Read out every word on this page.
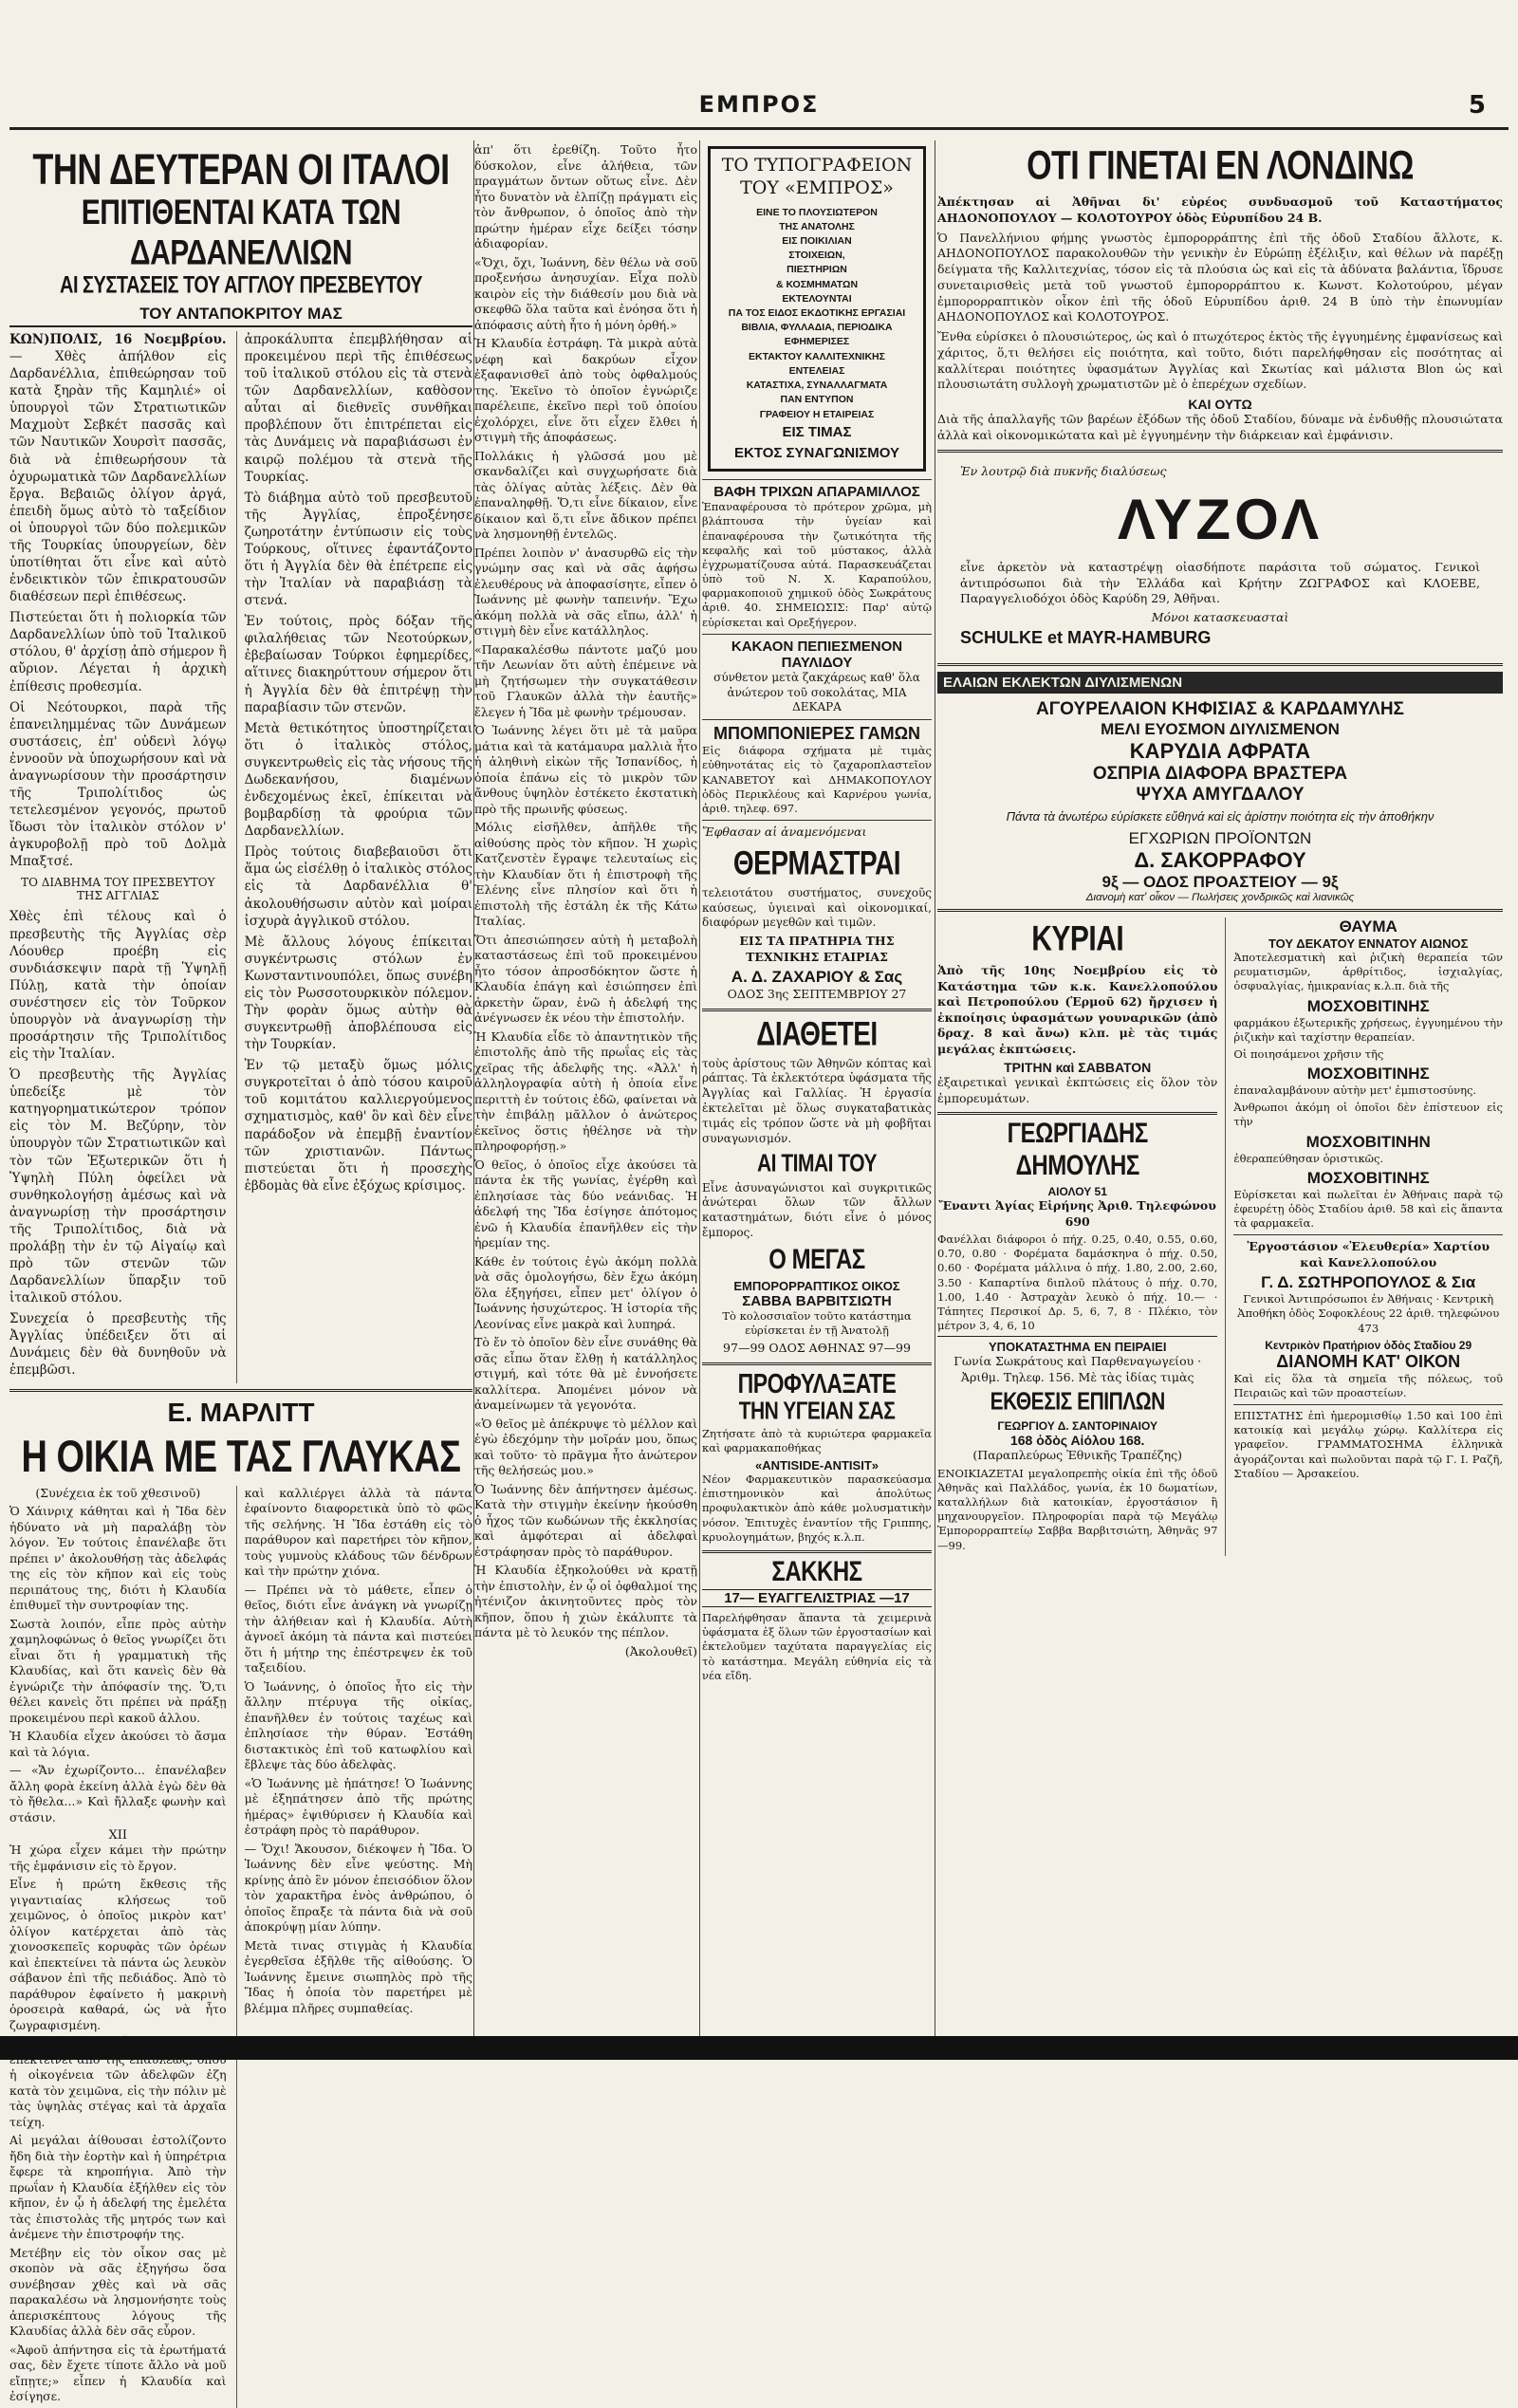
ΕΜΠΡΟΣ	5
ΤΗΝ ΔΕΥΤΕΡΑΝ ΟΙ ΙΤΑΛΟΙ
ΕΠΙΤΙΘΕΝΤΑΙ ΚΑΤΑ ΤΩΝ ΔΑΡΔΑΝΕΛΛΙΩΝ
ΑΙ ΣΥΣΤΑΣΕΙΣ ΤΟΥ ΑΓΓΛΟΥ ΠΡΕΣΒΕΥΤΟΥ
ΤΟΥ ΑΝΤΑΠΟΚΡΙΤΟΥ ΜΑΣ

ΚΩΝ)ΠΟΛΙΣ, 16 Νοεμβρίου. — Χθὲς ἀπήλθον εἰς Δαρδανέλλια, ἐπιθεώρησαν τοῦ κατὰ ξηρὰν τῆς Καμηλιέ» οἱ ὑπουργοὶ τῶν Στρατιωτικῶν Μαχμοὺτ Σεβκέτ πασσᾶς καὶ τῶν Ναυτικῶν Χουρσὶτ πασσᾶς, διὰ νὰ ἐπιθεωρήσουν τὰ ὀχυρωματικὰ τῶν Δαρδανελλίων ἔργα. Βεβαιῶς ὀλίγον ἀργά, ἐπειδὴ ὅμως αὐτὸ τὸ ταξείδιον οἱ ὑπουργοὶ τῶν δύο πολεμικῶν τῆς Τουρκίας ὑπουργείων, δὲν ὑποτίθηται ὅτι εἶνε καὶ αὐτὸ ἐνδεικτικὸν τῶν ἐπικρατουσῶν διαθέσεων περὶ ἐπιθέσεως.

Πιστεύεται ὅτι ἡ πολιορκία τῶν Δαρδανελλίων ὑπὸ τοῦ Ἰταλικοῦ στόλου, θ' ἀρχίσῃ ἀπὸ σήμερον ἢ αὔριον. Λέγεται ἡ ἀρχικὴ ἐπίθεσις προθεσμία.

Οἱ Νεότουρκοι, παρὰ τῆς ἐπανειλημμένας τῶν Δυνάμεων συστάσεις, ἐπ' οὐδενὶ λόγῳ ἐννοοῦν νὰ ὑποχωρήσουν καὶ νὰ ἀναγνωρίσουν τὴν προσάρτησιν τῆς Τριπολίτιδος ὡς τετελεσμένον γεγονός, πρωτοῦ ἴδωσι τὸν ἰταλικὸν στόλον ν' ἀγκυροβολῇ πρὸ τοῦ Δολμὰ Μπαξτσέ.

ΤΟ ΔΙΑΒΗΜΑ ΤΟΥ ΠΡΕΣΒΕΥΤΟΥ ΤΗΣ ΑΓΓΛΙΑΣ

Χθὲς ἐπὶ τέλους καὶ ὁ πρεσβευτὴς τῆς Ἀγγλίας σὲρ Λόουθερ προέβη εἰς συνδιάσκεψιν παρὰ τῇ Ὑψηλῇ Πύλῃ, κατὰ τὴν ὁποίαν συνέστησεν εἰς τὸν Τοῦρκον ὑπουργὸν νὰ ἀναγνωρίσῃ τὴν προσάρτησιν τῆς Τριπολίτιδος εἰς τὴν Ἰταλίαν.

Ὁ πρεσβευτὴς τῆς Ἀγγλίας ὑπεδείξε μὲ τὸν κατηγορηματικώτερον τρόπον εἰς τὸν Μ. Βεζύρην, τὸν ὑπουργὸν τῶν Στρατιωτικῶν καὶ τὸν τῶν Ἐξωτερικῶν ὅτι ἡ Ὑψηλὴ Πύλη ὀφείλει νὰ συνθηκολογήσῃ ἀμέσως καὶ νὰ ἀναγνωρίσῃ τὴν προσάρτησιν τῆς Τριπολίτιδος, διὰ νὰ προλάβῃ τὴν ἐν τῷ Αἰγαίῳ καὶ πρὸ τῶν στενῶν τῶν Δαρδανελλίων ὕπαρξιν τοῦ ἰταλικοῦ στόλου.

Συνεχεία ὁ πρεσβευτὴς τῆς Ἀγγλίας ὑπέδειξεν ὅτι αἱ Δυνάμεις δὲν θὰ δυνηθοῦν νὰ ἐπεμβῶσι.

ἀπροκάλυπτα ἐπεμβλήθησαν αἱ προκειμένου περὶ τῆς ἐπιθέσεως τοῦ ἰταλικοῦ στόλου εἰς τὰ στενὰ τῶν Δαρδανελλίων, καθὸσον αὗται αἱ διεθνεῖς συνθῆκαι προβλέπουν ὅτι ἐπιτρέπεται εἰς τὰς Δυνάμεις νὰ παραβιάσωσι ἐν καιρῷ πολέμου τὰ στενὰ τῆς Τουρκίας.

Τὸ διάβημα αὐτὸ τοῦ πρεσβευτοῦ τῆς Ἀγγλίας, ἐπροξένησε ζωηροτάτην ἐντύπωσιν εἰς τοὺς Τούρκους, οἵτινες ἐφαντάζοντο ὅτι ἡ Ἀγγλία δὲν θὰ ἐπέτρεπε εἰς τὴν Ἰταλίαν νὰ παραβιάσῃ τὰ στενά.

Ἐν τούτοις, πρὸς δόξαν τῆς φιλαλήθειας τῶν Νεοτούρκων, ἐβεβαίωσαν Τούρκοι ἐφημερίδες, αἵτινες διακηρύττουν σήμερον ὅτι ἡ Ἀγγλία δὲν θὰ ἐπιτρέψῃ τὴν παραβίασιν τῶν στενῶν.

Μετὰ θετικότητος ὑποστηρίζεται ὅτι ὁ ἰταλικὸς στόλος, συγκεντρωθεὶς εἰς τὰς νήσους τῆς Δωδεκανήσου, διαμένων ἐνδεχομένως ἐκεῖ, ἐπίκειται νὰ βομβαρδίσῃ τὰ φρούρια τῶν Δαρδανελλίων.

Πρὸς τούτοις διαβεβαιοῦσι ὅτι ἅμα ὡς εἰσέλθῃ ὁ ἰταλικὸς στόλος εἰς τὰ Δαρδανέλλια θ' ἀκολουθήσωσιν αὐτὸν καὶ μοίραι ἰσχυρὰ ἀγγλικοῦ στόλου.

Μὲ ἄλλους λόγους ἐπίκειται συγκέντρωσις στόλων ἐν Κωνσταντινουπόλει, ὅπως συνέβη εἰς τὸν Ρωσσοτουρκικὸν πόλεμον. Τὴν φορὰν ὅμως αὐτὴν θὰ συγκεντρωθῇ ἀποβλέπουσα εἰς τὴν Τουρκίαν.

Ἐν τῷ μεταξὺ ὅμως μόλις συγκροτεῖται ὁ ἀπὸ τόσου καιροῦ τοῦ κομιτάτου καλλιεργούμενος σχηματισμὸς, καθ' ὃν καὶ δὲν εἶνε παράδοξον νὰ ἐπεμβῇ ἐναντίον τῶν χριστιανῶν. Πάντως πιστεύεται ὅτι ἡ προσεχὴς ἑβδομὰς θὰ εἶνε ἐξόχως κρίσιμος.

Ε. ΜΑΡΛΙΤΤ
Η ΟΙΚΙΑ ΜΕ ΤΑΣ ΓΛΑΥΚΑΣ
(Συνέχεια ἐκ τοῦ χθεσινοῦ)

Ὁ Χάινριχ κάθηται καὶ ἡ Ἴδα δὲν ἠδύνατο νὰ μὴ παραλάβῃ τὸν λόγον. Ἐν τούτοις ἐπανέλαβε ὅτι πρέπει ν' ἀκολουθήσῃ τὰς ἀδελφάς της εἰς τὸν κῆπον καὶ εἰς τοὺς περιπάτους της, διότι ἡ Κλαυδία ἐπιθυμεῖ τὴν συντροφίαν της.

Σωστὰ λοιπόν, εἶπε πρὸς αὐτὴν χαμηλοφώνως ὁ θεῖος γνωρίζει ὅτι εἶναι ὅτι ἡ γραμματικὴ τῆς Κλαυδίας, καὶ ὅτι κανεὶς δὲν θὰ ἐγνώριζε τὴν ἀπόφασίν της. Ὅ,τι θέλει κανεὶς ὅτι πρέπει νὰ πράξῃ προκειμένου περὶ κακοῦ ἀλλου.

Ἡ Κλαυδία εἶχεν ἀκούσει τὸ ἄσμα καὶ τὰ λόγια.

— «Ἄν ἐχωρίζοντο... ἐπανέλαβεν ἄλλη φορὰ ἐκείνη ἀλλὰ ἐγὼ δὲν θὰ τὸ ἤθελα...» Καὶ ἤλλαξε φωνὴν καὶ στάσιν.

XII

Ἡ χώρα εἶχεν κάμει τὴν πρώτην τῆς ἐμφάνισιν εἰς τὸ ἔργον.

Εἶνε ἡ πρώτη ἔκθεσις τῆς γιγαντιαίας κλήσεως τοῦ χειμῶνος, ὁ ὁποῖος μικρὸν κατ' ὀλίγον κατέρχεται ἀπὸ τὰς χιονοσκεπεῖς κορυφὰς τῶν ὀρέων καὶ ἐπεκτείνει τὰ πάντα ὡς λευκὸν σάβανον ἐπὶ τῆς πεδιάδος. Ἀπὸ τὸ παράθυρον ἐφαίνετο ἡ μακρινὴ ὀροσειρὰ καθαρά, ὡς νὰ ἦτο ζωγραφισμένη.

ἡ οἰκογένεια τῶν ἀδελφῶν ἐζη κατὰ τὸν χειμῶνα, εἰς τὴν πόλιν μὲ τὰς ὑψηλὰς στέγας καὶ τὰ ἀρχαῖα τείχη.

Αἱ μεγάλαι ἀίθουσαι ἐστολίζοντο ἤδη διὰ τὴν ἑορτὴν καὶ ἡ ὑπηρέτρια ἔφερε τὰ κηροπήγια. Ἀπὸ τὴν πρωΐαν ἡ Κλαυδία ἐξήλθεν εἰς τὸν κῆπον, ἐν ᾧ ἡ ἀδελφή της ἐμελέτα τὰς ἐπιστολὰς τῆς μητρός των καὶ ἀνέμενε τὴν ἐπιστροφήν της.

Μετέβην εἰς τὸν οἶκον σας μὲ σκοπὸν νὰ σᾶς ἐξηγήσω ὅσα συνέβησαν χθὲς καὶ νὰ σᾶς παρακαλέσω νὰ λησμονήσητε τοὺς ἀπερισκέπτους λόγους τῆς Κλαυδίας ἀλλὰ δὲν σᾶς εὗρον.

«Ἀφοῦ ἀπήντησα εἰς τὰ ἐρωτήματά σας, δὲν ἔχετε τίποτε ἄλλο νὰ μοῦ εἴπῃτε;» εἶπεν ἡ Κλαυδία καὶ ἐσίγησε.

καὶ καλλιέργει ἀλλὰ τὰ πάντα ἐφαίνοντο διαφορετικὰ ὑπὸ τὸ φῶς τῆς σελήνης. Ἡ Ἴδα ἐστάθη εἰς τὸ παράθυρον καὶ παρετήρει τὸν κῆπον, τοὺς γυμνοὺς κλάδους τῶν δένδρων καὶ τὴν πρώτην χιόνα.

— Πρέπει νὰ τὸ μάθετε, εἶπεν ὁ θεῖος, διότι εἶνε ἀνάγκη νὰ γνωρίζῃ τὴν ἀλήθειαν καὶ ἡ Κλαυδία. Αὐτὴ ἀγνοεῖ ἀκόμη τὰ πάντα καὶ πιστεύει ὅτι ἡ μήτηρ της ἐπέστρεψεν ἐκ τοῦ ταξειδίου.

Ὁ Ἰωάννης, ὁ ὁποῖος ἦτο εἰς τὴν ἄλλην πτέρυγα τῆς οἰκίας, ἐπανῆλθεν ἐν τούτοις ταχέως καὶ ἐπλησίασε τὴν θύραν. Ἐστάθη διστακτικὸς ἐπὶ τοῦ κατωφλίου καὶ ἔβλεψε τὰς δύο ἀδελφὰς.

«Ὁ Ἰωάννης μὲ ἠπάτησε! Ὁ Ἰωάννης μὲ ἐξηπάτησεν ἀπὸ τῆς πρώτης ἡμέρας» ἐψιθύρισεν ἡ Κλαυδία καὶ ἐστράφη πρὸς τὸ παράθυρον.

— Ὅχι! Ἄκουσον, διέκοψεν ἡ Ἴδα. Ὁ Ἰωάννης δὲν εἶνε ψεύστης. Μὴ κρίνῃς ἀπὸ ἓν μόνον ἐπεισόδιον ὅλον τὸν χαρακτῆρα ἑνὸς ἀνθρώπου, ὁ ὁποῖος ἔπραξε τὰ πάντα διὰ νὰ σοῦ ἀποκρύψῃ μίαν λύπην.

Μετὰ τινας στιγμὰς ἡ Κλαυδία ἐγερθεῖσα ἐξῆλθε τῆς αἰθούσης. Ὁ Ἰωάννης ἔμεινε σιωπηλὸς πρὸ τῆς Ἴδας ἡ ὁποία τὸν παρετήρει μὲ βλέμμα πλῆρες συμπαθείας.

ἀπ' ὅτι ἐρεθίζη. Τοῦτο ἦτο δύσκολον, εἶνε ἀλήθεια, τῶν πραγμάτων ὄντων οὕτως εἶνε. Δὲν ἦτο δυνατὸν νὰ ἐλπίζῃ πράγματι εἰς τὸν ἄνθρωπον, ὁ ὁποῖος ἀπὸ τὴν πρώτην ἡμέραν εἶχε δείξει τόσην ἀδιαφορίαν.

«Ὄχι, ὄχι, Ἰωάννη, δὲν θέλω νὰ σοῦ προξενήσω ἀνησυχίαν. Εἶχα πολὺ καιρὸν εἰς τὴν διάθεσίν μου διὰ νὰ σκεφθῶ ὅλα ταῦτα καὶ ἐνόησα ὅτι ἡ ἀπόφασις αὐτὴ ἦτο ἡ μόνη ὀρθή.»

Ἡ Κλαυδία ἐστράφη. Τὰ μικρὰ αὐτὰ νέφη καὶ δακρύων εἶχον ἐξαφανισθεῖ ἀπὸ τοὺς ὀφθαλμούς της. Ἐκεῖνο τὸ ὁποῖον ἐγνώριζε παρέλειπε, ἐκεῖνο περὶ τοῦ ὁποίου ἐχολόρχει, εἶνε ὅτι εἶχεν ἔλθει ἡ στιγμὴ τῆς ἀποφάσεως.

Πολλάκις ἡ γλῶσσά μου μὲ σκανδαλίζει καὶ συγχωρήσατε διὰ τὰς ὀλίγας αὐτὰς λέξεις. Δὲν θὰ ἐπαναληφθῇ. Ὅ,τι εἶνε δίκαιον, εἶνε δίκαιον καὶ ὅ,τι εἶνε ἄδικον πρέπει νὰ λησμονηθῇ ἐντελῶς.

Πρέπει λοιπὸν ν' ἀνασυρθῶ εἰς τὴν γνώμην σας καὶ νὰ σᾶς ἀφήσω ἐλευθέρους νὰ ἀποφασίσητε, εἶπεν ὁ Ἰωάννης μὲ φωνὴν ταπεινήν. Ἔχω ἀκόμη πολλὰ νὰ σᾶς εἴπω, ἀλλ' ἡ στιγμὴ δὲν εἶνε κατάλληλος.

«Παρακαλέσθω πάντοτε μαζύ μου τῆν Λεωνίαν ὅτι αὐτὴ ἐπέμεινε νὰ μὴ ζητήσωμεν τὴν συγκατάθεσιν τοῦ Γλαυκῶν ἀλλὰ τὴν ἑαυτῆς» ἔλεγεν ἡ Ἴδα μὲ φωνὴν τρέμουσαν.

Ὁ Ἰωάννης λέγει ὅτι μὲ τὰ μαῦρα μάτια καὶ τὰ κατάμαυρα μαλλιὰ ἦτο ἡ ἀληθινὴ εἰκὼν τῆς Ἰσπανίδος, ἡ ὁποία ἐπάνω εἰς τὸ μικρὸν τῶν ἄνθους ὑψηλὸν ἐστέκετο ἐκστατικὴ πρὸ τῆς πρωινῆς φύσεως.

Μόλις εἰσῆλθεν, ἀπῆλθε τῆς αἰθούσης πρὸς τὸν κῆπον. Ἡ χωρὶς Κατζενστὲν ἔγραψε τελευταίως εἰς τὴν Κλαυδίαν ὅτι ἡ ἐπιστροφὴ τῆς Ἑλένης εἶνε πλησίον καὶ ὅτι ἡ ἐπιστολὴ τῆς ἐστάλη ἐκ τῆς Κάτω Ἰταλίας.

Ὅτι ἀπεσιώπησεν αὐτὴ ἡ μεταβολὴ καταστάσεως ἐπὶ τοῦ προκειμένου ἦτο τόσον ἀπροσδόκητον ὥστε ἡ Κλαυδία ἐπάγη καὶ ἐσιώπησεν ἐπὶ ἀρκετὴν ὥραν, ἐνῶ ἡ ἀδελφή της ἀνέγνωσεν ἐκ νέου τὴν ἐπιστολήν.

Ἡ Κλαυδία εἶδε τὸ ἀπαντητικὸν τῆς ἐπιστολῆς ἀπὸ τῆς πρωΐας εἰς τὰς χεῖρας τῆς ἀδελφῆς της. «Ἀλλ' ἡ ἀλληλογραφία αὐτὴ ἡ ὁποία εἶνε περιττὴ ἐν τούτοις ἐδῶ, φαίνεται νὰ τὴν ἐπιβάλῃ μᾶλλον ὁ ἀνώτερος ἐκεῖνος ὅστις ἠθέλησε νὰ τὴν πληροφορήσῃ.»

Ὁ θεῖος, ὁ ὁποῖος εἶχε ἀκούσει τὰ πάντα ἐκ τῆς γωνίας, ἐγέρθη καὶ ἐπλησίασε τὰς δύο νεάνιδας. Ἡ ἀδελφή της Ἴδα ἐσίγησε ἀπότομος ἐνῶ ἡ Κλαυδία ἐπανῆλθεν εἰς τὴν ἠρεμίαν της.

Κάθε ἐν τούτοις ἐγὼ ἀκόμη πολλὰ νὰ σᾶς ὁμολογήσω, δὲν ἔχω ἀκόμη ὅλα ἐξηγήσει, εἶπεν μετ' ὀλίγον ὁ Ἰωάννης ἡσυχώτερος. Ἡ ἱστορία τῆς Λεονίνας εἶνε μακρὰ καὶ λυπηρά.

Τὸ ἔν τὸ ὁποῖον δὲν εἶνε συνάθης θὰ σᾶς εἶπω ὅταν ἔλθῃ ἡ κατάλληλος στιγμή, καὶ τότε θὰ μὲ ἐννοήσετε καλλίτερα. Ἀπομένει μόνον νὰ ἀναμείνωμεν τὰ γεγονότα.

«Ὁ θεῖος μὲ ἀπέκρυψε τὸ μέλλον καὶ ἐγὼ ἐδεχόμην τὴν μοῖράν μου, ὅπως καὶ τοῦτο· τὸ πρᾶγμα ἦτο ἀνώτερον τῆς θελήσεώς μου.»

Ὁ Ἰωάννης δὲν ἀπήντησεν ἀμέσως. Κατὰ τὴν στιγμὴν ἐκείνην ἠκούσθη ὁ ἦχος τῶν κωδώνων τῆς ἐκκλησίας καὶ ἀμφότεραι αἱ ἀδελφαὶ ἐστράφησαν πρὸς τὸ παράθυρον.

Ἡ Κλαυδία ἐξηκολούθει νὰ κρατῇ τὴν ἐπιστολὴν, ἐν ᾧ οἱ ὀφθαλμοί της ἠτένιζον ἀκινητοῦντες πρὸς τὸν κῆπον, ὅπου ἡ χιὼν ἐκάλυπτε τὰ πάντα μὲ τὸ λευκόν της πέπλον.

(Ἀκολουθεῖ)
ΤΟ ΤΥΠΟΓΡΑΦΕΙΟΝ ΤΟΥ «ΕΜΠΡΟΣ»
ΕΙΝΕ ΤΟ ΠΛΟΥΣΙΩΤΕΡΟΝ
ΤΗΣ ΑΝΑΤΟΛΗΣ
ΕΙΣ ΠΟΙΚΙΛΙΑΝ
ΣΤΟΙΧΕΙΩΝ,
ΠΙΕΣΤΗΡΙΩΝ
& ΚΟΣΜΗΜΑΤΩΝ
ΕΚΤΕΛΟΥΝΤΑΙ
ΠΑ ΤΟΣ ΕΙΔΟΣ ΕΚΔΟΤΙΚΗΣ ΕΡΓΑΣΙΑΙ
ΒΙΒΛΙΑ, ΦΥΛΛΑΔΙΑ, ΠΕΡΙΟΔΙΚΑ
ΕΦΗΜΕΡΙΣΕΣ
ΕΚΤΑΚΤΟΥ ΚΑΛΛΙΤΕΧΝΙΚΗΣ
ΕΝΤΕΛΕΙΑΣ
ΚΑΤΑΣΤΙΧΑ, ΣΥΝΑΛΛΑΓΜΑΤΑ
ΠΑΝ ΕΝΤΥΠΟΝ
ΓΡΑΦΕΙΟΥ Η ΕΤΑΙΡΕΙΑΣ
ΕΙΣ ΤΙΜΑΣ
ΕΚΤΟΣ ΣΥΝΑΓΩΝΙΣΜΟΥ
ΒΑΦΗ ΤΡΙΧΩΝ ΑΠΑΡΑΜΙΛΛΟΣ

Ἐπαναφέρουσα τὸ πρότερον χρῶμα, μὴ βλάπτουσα τὴν ὑγείαν καὶ ἐπαναφέρουσα τὴν ζωτικότητα τῆς κεφαλῆς καὶ τοῦ μύστακος, ἀλλὰ ἐγχρωματίζουσα αὐτά. Παρασκευάζεται ὑπὸ τοῦ Ν. Χ. Καραπούλου, φαρμακοποιοῦ χημικοῦ ὁδὸς Σωκράτους ἀριθ. 40. ΣΗΜΕΙΩΣΙΣ: Παρ' αὐτῷ εὑρίσκεται καὶ Ορεξήγερον.

ΚΑΚΑΟΝ ΠΕΠΙΕΣΜΕΝΟΝ ΠΑΥΛΙΔΟΥ

σύνθετον μετὰ ζακχάρεως καθ' ὅλα ἀνώτερον τοῦ σοκολάτας, ΜΙΑ ΔΕΚΑΡΑ

ΜΠΟΜΠΟΝΙΕΡΕΣ ΓΑΜΩΝ

Εἰς διάφορα σχήματα μὲ τιμὰς εὐθηνοτάτας εἰς τὸ ζαχαροπλαστεῖον ΚΑΝΑΒΕΤΟΥ καὶ ΔΗΜΑΚΟΠΟΥΛΟΥ ὁδὸς Περικλέους καὶ Καρνέρου γωνία, ἀριθ. τηλεφ. 697.

Ἔφθασαν αἱ ἀναμενόμεναι
ΘΕΡΜΑΣΤΡΑΙ

τελειοτάτου συστήματος, συνεχοῦς καύσεως, ὑγιειναὶ καὶ οἰκονομικαί, διαφόρων μεγεθῶν καὶ τιμῶν.

ΕΙΣ ΤΑ ΠΡΑΤΗΡΙΑ ΤΗΣ ΤΕΧΝΙΚΗΣ ΕΤΑΙΡΙΑΣ
Α. Δ. ΖΑΧΑΡΙΟΥ & Σας
ΟΔΟΣ 3ης ΣΕΠΤΕΜΒΡΙΟΥ 27
ΔΙΑΘΕΤΕΙ

τοὺς ἀρίστους τῶν Ἀθηνῶν κόπτας καὶ ράπτας. Τὰ ἐκλεκτότερα ὑφάσματα τῆς Ἀγγλίας καὶ Γαλλίας. Ἡ ἐργασία ἐκτελεῖται μὲ ὅλως συγκαταβατικὰς τιμάς εἰς τρόπον ὥστε νὰ μὴ φοβῆται συναγωνισμόν.

ΑΙ ΤΙΜΑΙ ΤΟΥ

Εἶνε ἀσυναγώνιστοι καὶ συγκριτικῶς ἀνώτεραι ὅλων τῶν ἄλλων καταστημάτων, διότι εἶνε ὁ μόνος ἔμπορος.

Ο ΜΕΓΑΣ
ΕΜΠΟΡΟΡΡΑΠΤΙΚΟΣ ΟΙΚΟΣ
ΣΑΒΒΑ ΒΑΡΒΙΤΣΙΩΤΗ

Τὸ κολοσσιαῖον τοῦτο κατάστημα εὑρίσκεται ἐν τῇ Ἀνατολῇ

97—99 ΟΔΟΣ ΑΘΗΝΑΣ 97—99
ΠΡΟΦΥΛΑΞΑΤΕ
ΤΗΝ ΥΓΕΙΑΝ ΣΑΣ

Ζητήσατε ἀπὸ τὰ κυριώτερα φαρμακεῖα καὶ φαρμακαποθήκας

«ANTISIDE-ANTISIT»

Νέον Φαρμακευτικὸν παρασκεύασμα ἐπιστημονικὸν καὶ ἀπολύτως προφυλακτικὸν ἀπὸ κάθε μολυσματικὴν νόσον. Ἐπιτυχὲς ἐναντίον τῆς Γριππης, κρυολογημάτων, βηχός κ.λ.π.

ΣΑΚΚΗΣ
17— ΕΥΑΓΓΕΛΙΣΤΡΙΑΣ —17

Παρελήφθησαν ἅπαντα τὰ χειμερινὰ ὑφάσματα ἐξ ὅλων τῶν ἐργοστασίων καὶ ἐκτελοῦμεν ταχύτατα παραγγελίας εἰς τὸ κατάστημα. Μεγάλη εὐθηνία εἰς τὰ νέα εἴδη.

ΟΤΙ ΓΙΝΕΤΑΙ ΕΝ ΛΟΝΔΙΝΩ

Ἀπέκτησαν αἱ Ἀθῆναι δι' εὐρέος συνδυασμοῦ τοῦ Καταστήματος ΑΗΔΟΝΟΠΟΥΛΟΥ — ΚΟΛΟΤΟΥΡΟΥ ὁδὸς Εὐρυπίδου 24 Β.

Ὁ Πανελλήνιου φήμης γνωστὸς ἐμπορορράπτης ἐπὶ τῆς ὁδοῦ Σταδίου ἄλλοτε, κ. ΑΗΔΟΝΟΠΟΥΛΟΣ παρακολουθῶν τὴν γενικὴν ἐν Εὐρώπῃ ἐξέλιξιν, καὶ θέλων νὰ παρέξῃ δείγματα τῆς Καλλιτεχνίας, τόσον εἰς τὰ πλούσια ὡς καὶ εἰς τὰ ἀδύνατα βαλάντια, ἵδρυσε συνεταιρισθεὶς μετὰ τοῦ γνωστοῦ ἐμπορορράπτου κ. Κωνστ. Κολοτούρου, μέγαν ἐμπορορραπτικὸν οἶκον ἐπὶ τῆς ὁδοῦ Εὐρυπίδου ἀριθ. 24 Β ὑπὸ τὴν ἐπωνυμίαν ΑΗΔΟΝΟΠΟΥΛΟΣ καὶ ΚΟΛΟΤΟΥΡΟΣ.

Ἔνθα εὑρίσκει ὁ πλουσιώτερος, ὡς καὶ ὁ πτωχότερος ἐκτὸς τῆς ἐγγυημένης ἐμφανίσεως καὶ χάριτος, ὅ,τι θελήσει εἰς ποιότητα, καὶ τοῦτο, διότι παρελήφθησαν εἰς ποσότητας αἱ καλλίτεραι ποιότητες ὑφασμάτων Ἀγγλίας καὶ Σκωτίας καὶ μάλιστα Blon ὡς καὶ πλουσιωτάτη συλλογὴ χρωματιστῶν μὲ ὁ ἐπερέχων σχεδίων.

ΚΑΙ ΟΥΤΩ

Διὰ τῆς ἀπαλλαγῆς τῶν βαρέων ἐξόδων τῆς ὁδοῦ Σταδίου, δύναμε νὰ ἐνδυθῇς πλουσιώτατα ἀλλὰ καὶ οἰκονομικώτατα καὶ μὲ ἐγγυημένην τὴν διάρκειαν καὶ ἐμφάνισιν.

Ἐν λουτρῷ διὰ πυκνῆς διαλύσεως
ΛΥΖΟΛ

εἶνε ἀρκετὸν νὰ καταστρέψῃ οἰασδήποτε παράσιτα τοῦ σώματος. Γενικοὶ ἀντιπρόσωποι διὰ τὴν Ἑλλάδα καὶ Κρήτην ΖΩΓΡΑΦΟΣ καὶ ΚΛΟΕΒΕ, Παραγγελιοδόχοι ὁδὸς Καρύδη 29, Ἀθῆναι.

Μόνοι κατασκευασταὶ
SCHULKE et MAYR-HAMBURG
ΕΛΑΙΩΝ ΕΚΛΕΚΤΩΝ ΔΙΥΛΙΣΜΕΝΩΝ
ΑΓΟΥΡΕΛΑΙΟΝ ΚΗΦΙΣΙΑΣ & ΚΑΡΔΑΜΥΛΗΣ
ΜΕΛΙ ΕΥΟΣΜΟΝ ΔΙΥΛΙΣΜΕΝΟΝ
ΚΑΡΥΔΙΑ ΑΦΡΑΤΑ
ΟΣΠΡΙΑ ΔΙΑΦΟΡΑ ΒΡΑΣΤΕΡΑ
ΨΥΧΑ ΑΜΥΓΔΑΛΟΥ
Πάντα τὰ ἀνωτέρω εὑρίσκετε εὔθηνά καὶ εἰς ἀρίστην ποιότητα εἰς τὴν ἀποθήκην
ΕΓΧΩΡΙΩΝ ΠΡΟΪΟΝΤΩΝ
Δ. ΣΑΚΟΡΡΑΦΟΥ
9ξ — ΟΔΟΣ ΠΡΟΑΣΤΕΙΟΥ — 9ξ
Διανομὴ κατ' οἶκον — Πωλήσεις χονδρικῶς καὶ λιανικῶς
ΚΥΡΙΑΙ

Ἀπὸ τῆς 10ης Νοεμβρίου εἰς τὸ Κατάστημα τῶν κ.κ. Κανελλοπούλου καὶ Πετροπούλου (Ἑρμοῦ 62) ἤρχισεν ἡ ἐκποίησις ὑφασμάτων γουναρικῶν (ἀπὸ δραχ. 8 καὶ ἄνω) κλπ. μὲ τὰς τιμάς μεγάλας ἐκπτώσεις.

ΤΡΙΤΗΝ καὶ ΣΑΒΒΑΤΟΝ

ἐξαιρετικαὶ γενικαὶ ἐκπτώσεις εἰς ὅλον τὸν ἐμπορευμάτων.

ΓΕΩΡΓΙΑΔΗΣ
ΔΗΜΟΥΛΗΣ
ΑΙΟΛΟΥ 51

Ἔναντι Ἁγίας Εἰρήνης Ἀριθ. Τηλεφώνου 690

Φανέλλαι διάφοροι ὁ πήχ. 0.25, 0.40, 0.55, 0.60, 0.70, 0.80 · Φορέματα δαμάσκηνα ὁ πήχ. 0.50, 0.60 · Φορέματα μάλλινα ὁ πήχ. 1.80, 2.00, 2.60, 3.50 · Καπαρτίνα διπλοῦ πλάτους ὁ πήχ. 0.70, 1.00, 1.40 · Ἀστραχὰν λευκὸ ὁ πήχ. 10.— · Τάπητες Περσικοί Δρ. 5, 6, 7, 8 · Πλέκιο, τὸν μέτρον 3, 4, 6, 10

ΥΠΟΚΑΤΑΣΤΗΜΑ ΕΝ ΠΕΙΡΑΙΕΙ

Γωνία Σωκράτους καὶ Παρθεναγωγείου · Ἀριθμ. Τηλεφ. 156. Μὲ τὰς ἰδίας τιμὰς

ΕΚΘΕΣΙΣ ΕΠΙΠΛΩΝ
ΓΕΩΡΓΙΟΥ Δ. ΣΑΝΤΟΡΙΝΑΙΟΥ
168 ὁδὸς Αἰόλου 168.
(Παραπλεύρως Ἐθνικῆς Τραπέζης)

ΕΝΟΙΚΙΑΖΕΤΑΙ μεγαλοπρεπὴς οἰκία ἐπὶ τῆς ὁδοῦ Ἀθηνᾶς καὶ Παλλάδος, γωνία, ἐκ 10 δωματίων, καταλλήλων διὰ κατοικίαν, ἐργοστάσιον ἢ μηχανουργεῖον. Πληροφορίαι παρὰ τῷ Μεγάλῳ Ἐμπορορραπτείῳ Σαββα Βαρβιτσιώτη, Ἀθηνᾶς 97—99.

ΘΑΥΜΑ
ΤΟΥ ΔΕΚΑΤΟΥ ΕΝΝΑΤΟΥ ΑΙΩΝΟΣ

Ἀποτελεσματικὴ καὶ ῥιζικὴ θεραπεία τῶν ρευματισμῶν, ἀρθρίτιδος, ἰσχιαλγίας, ὀσφυαλγίας, ἡμικρανίας κ.λ.π. διὰ τῆς

ΜΟΣΧΟΒΙΤΙΝΗΣ

φαρμάκου ἐξωτερικῆς χρήσεως, ἐγγυημένου τὴν ῥιζικὴν καὶ ταχίστην θεραπείαν.

Οἱ ποιησάμενοι χρῆσιν τῆς

ΜΟΣΧΟΒΙΤΙΝΗΣ

ἐπαναλαμβάνουν αὐτὴν μετ' ἐμπιστοσύνης.

Ἀνθρωποι ἀκόμη οἱ ὁποῖοι δὲν ἐπίστευον εἰς τὴν

ΜΟΣΧΟΒΙΤΙΝΗΝ

ἐθεραπεύθησαν ὁριστικῶς.

ΜΟΣΧΟΒΙΤΙΝΗΣ

Εὑρίσκεται καὶ πωλεῖται ἐν Ἀθήναις παρὰ τῷ ἐφευρέτῃ ὁδὸς Σταδίου ἀριθ. 58 καὶ εἰς ἅπαντα τὰ φαρμακεῖα.

Ἐργοστάσιον «Ἐλευθερία» Χαρτίου καὶ Κανελλοπούλου
Γ. Δ. ΣΩΤΗΡΟΠΟΥΛΟΣ & Σια

Γενικοὶ Ἀντιπρόσωποι ἐν Ἀθήναις · Κεντρικὴ Ἀποθήκη ὁδὸς Σοφοκλέους 22 ἀριθ. τηλεφώνου 473

Κεντρικὸν Πρατήριον ὁδὸς Σταδίου 29
ΔΙΑΝΟΜΗ ΚΑΤ' ΟΙΚΟΝ

Καὶ εἰς ὅλα τὰ σημεῖα τῆς πόλεως, τοῦ Πειραιῶς καὶ τῶν προαστείων.

ΕΠΙΣΤΑΤΗΣ ἐπὶ ἡμερομισθίῳ 1.50 καὶ 100 ἐπὶ κατοικίᾳ καὶ μεγάλῳ χώρῳ. Καλλίτερα εἰς γραφεῖον. ΓΡΑΜΜΑΤΟΣΗΜΑ ἐλληνικὰ ἀγοράζονται καὶ πωλοῦνται παρὰ τῷ Γ. Ι. Ραζῆ, Σταδίου — Ἀρσακείου.
